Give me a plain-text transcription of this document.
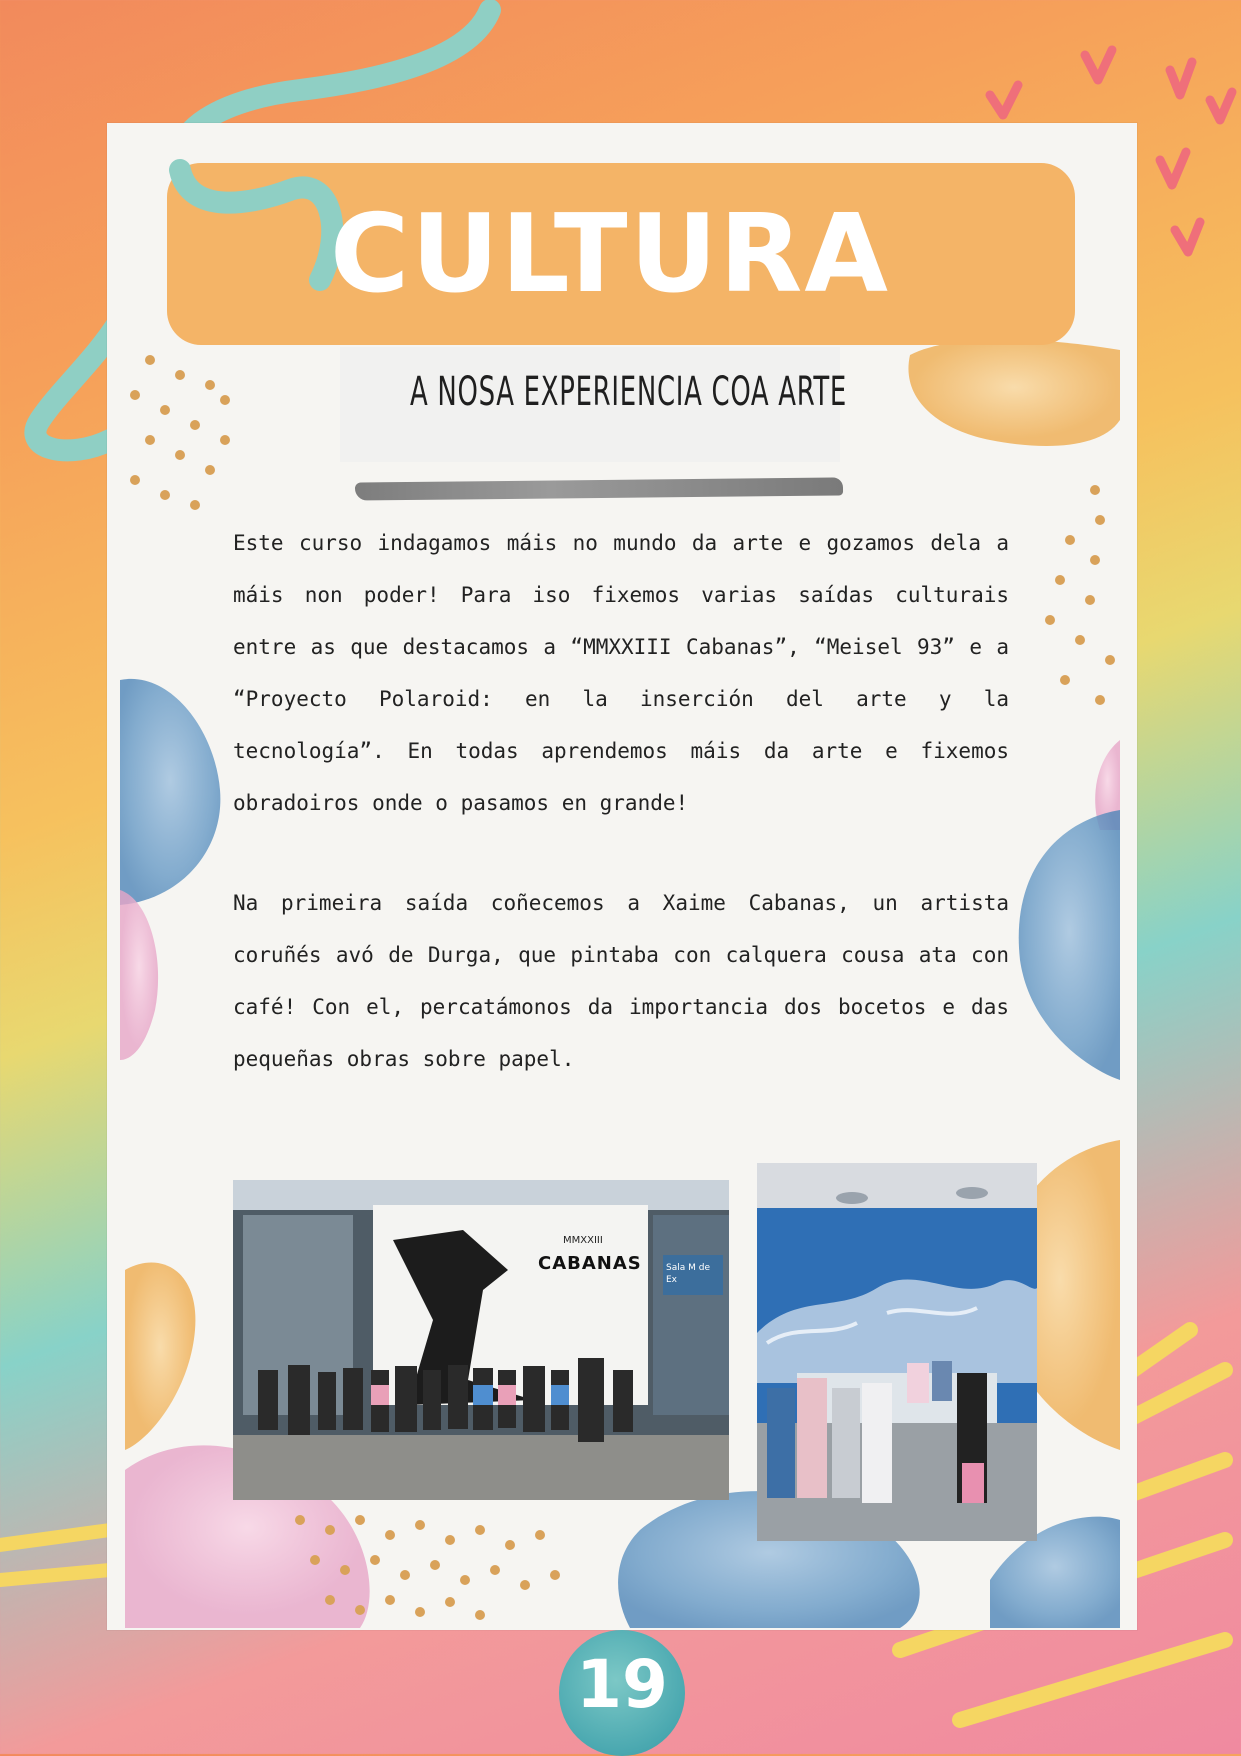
CULTURA
A NOSA EXPERIENCIA COA ARTE

Este curso indagamos máis no mundo da arte e gozamos dela a máis non poder! Para iso fixemos varias saídas culturais entre as que destacamos a “MMXXIII Cabanas”, “Meisel 93” e a “Proyecto Polaroid: en la inserción del arte y la tecnología”. En todas aprendemos máis da arte e fixemos obradoiros onde o pasamos en grande!

Na primeira saída coñecemos a Xaime Cabanas, un artista coruñés avó de Durga, que pintaba con calquera cousa ata con café! Con el, percatámonos da importancia dos bocetos e das pequeñas obras sobre papel.

MMXXIII
CABANAS	Sala M de Ex
19
